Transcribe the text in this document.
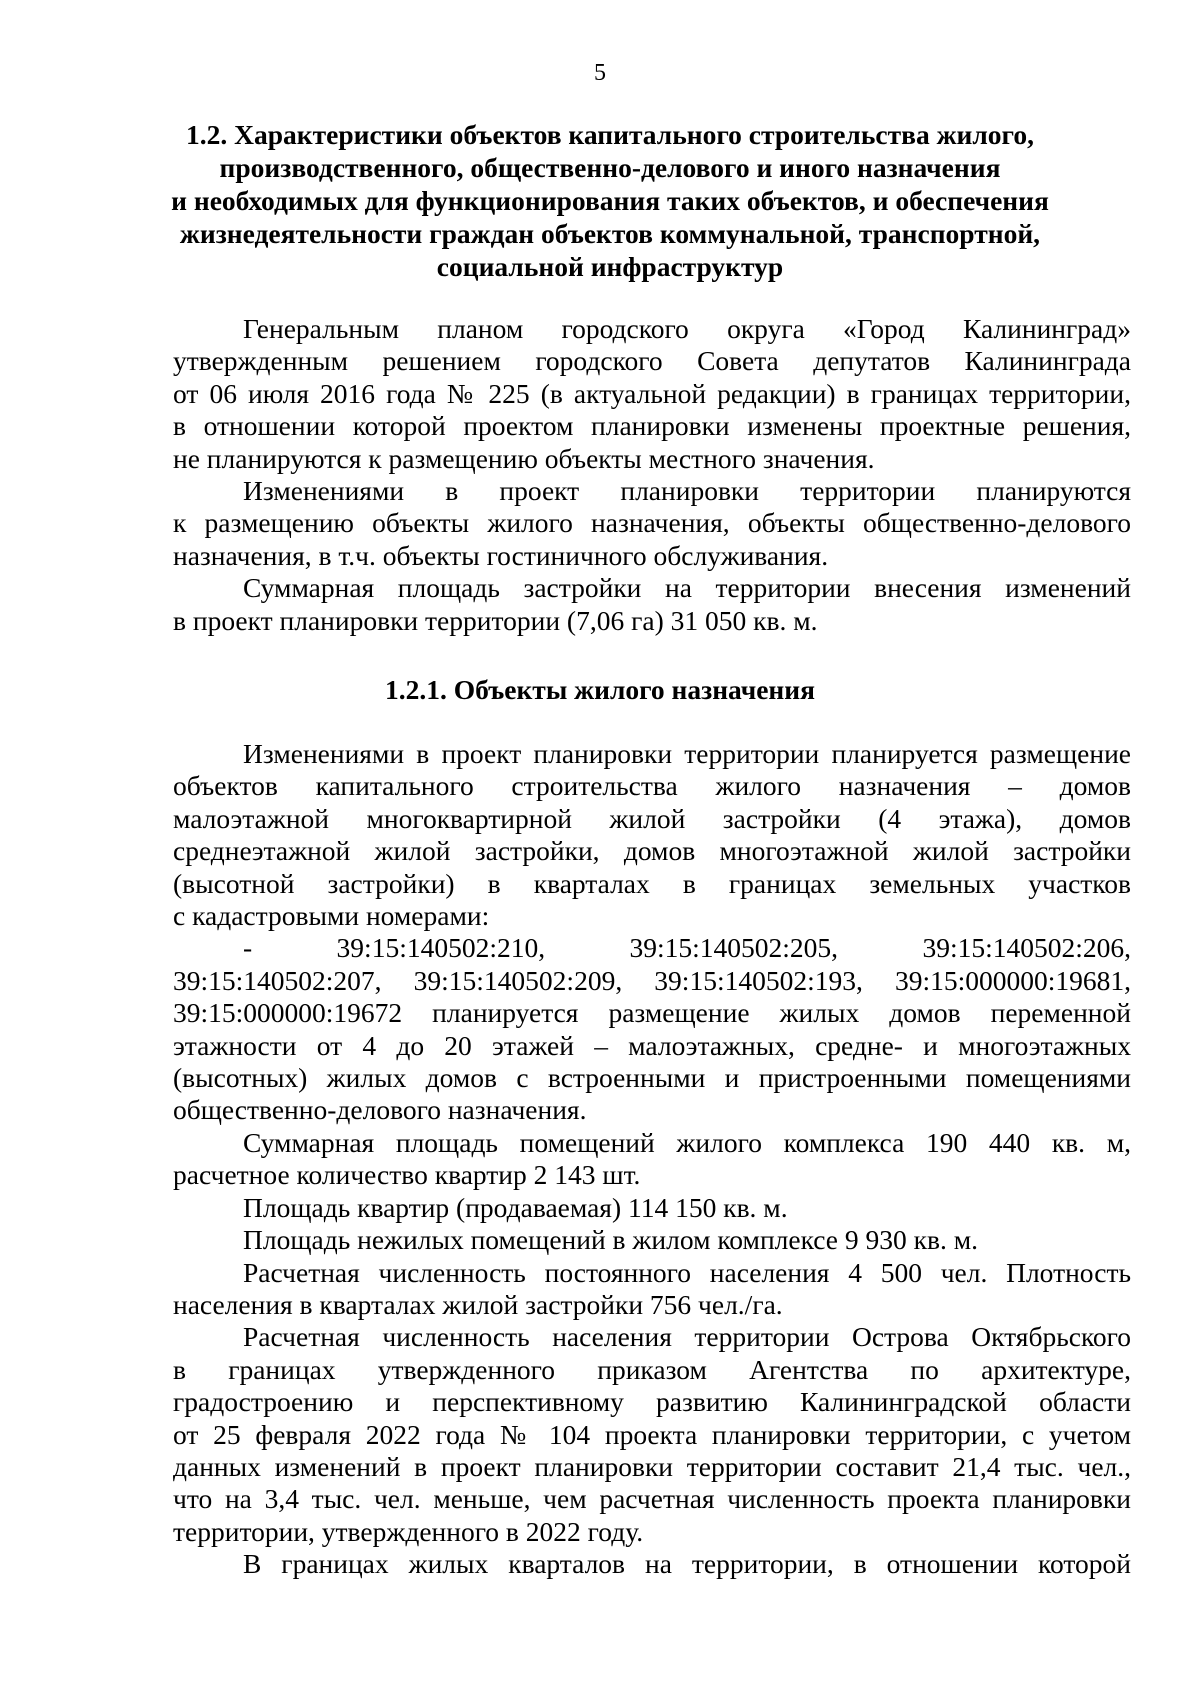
5
1.2. Характеристики объектов капитального строительства жилого,
производственного, общественно-делового и иного назначения
и необходимых для функционирования таких объектов, и обеспечения
жизнедеятельности граждан объектов коммунальной, транспортной,
социальной инфраструктур
Генеральным планом городского округа «Город Калининград»
утвержденным решением городского Совета депутатов Калининграда
от 06 июля 2016 года № 225 (в актуальной редакции) в границах территории,
в отношении которой проектом планировки изменены проектные решения,
не планируются к размещению объекты местного значения.
Изменениями в проект планировки территории планируются
к размещению объекты жилого назначения, объекты общественно-делового
назначения, в т.ч. объекты гостиничного обслуживания.
Суммарная площадь застройки на территории внесения изменений
в проект планировки территории (7,06 га) 31 050 кв. м.
1.2.1. Объекты жилого назначения
Изменениями в проект планировки территории планируется размещение
объектов капитального строительства жилого назначения – домов
малоэтажной многоквартирной жилой застройки (4 этажа), домов
среднеэтажной жилой застройки, домов многоэтажной жилой застройки
(высотной застройки) в кварталах в границах земельных участков
с кадастровыми номерами:
- 39:15:140502:210, 39:15:140502:205, 39:15:140502:206,
39:15:140502:207, 39:15:140502:209, 39:15:140502:193, 39:15:000000:19681,
39:15:000000:19672 планируется размещение жилых домов переменной
этажности от 4 до 20 этажей – малоэтажных, средне- и многоэтажных
(высотных) жилых домов с встроенными и пристроенными помещениями
общественно-делового назначения.
Суммарная площадь помещений жилого комплекса 190 440 кв. м,
расчетное количество квартир 2 143 шт.
Площадь квартир (продаваемая) 114 150 кв. м.
Площадь нежилых помещений в жилом комплексе 9 930 кв. м.
Расчетная численность постоянного населения 4 500 чел. Плотность
населения в кварталах жилой застройки 756 чел./га.
Расчетная численность населения территории Острова Октябрьского
в границах утвержденного приказом Агентства по архитектуре,
градостроению и перспективному развитию Калининградской области
от 25 февраля 2022 года № 104 проекта планировки территории, с учетом
данных изменений в проект планировки территории составит 21,4 тыс. чел.,
что на 3,4 тыс. чел. меньше, чем расчетная численность проекта планировки
территории, утвержденного в 2022 году.
В границах жилых кварталов на территории, в отношении которой
